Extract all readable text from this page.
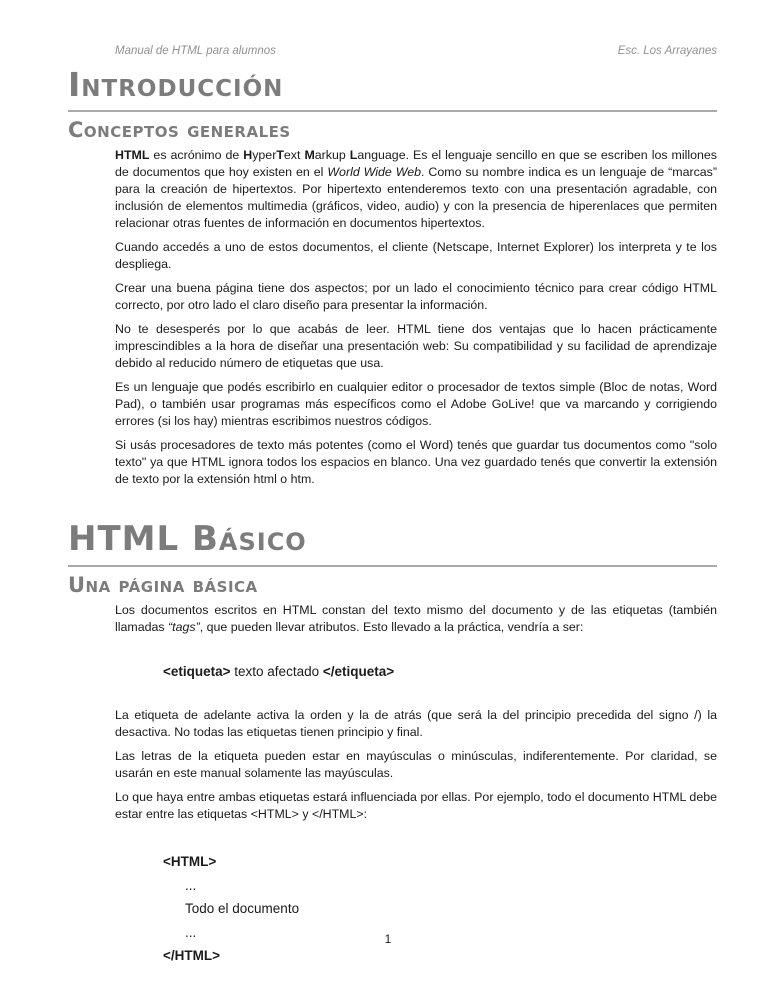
Manual de HTML para alumnos	Esc. Los Arrayanes
Introducción
Conceptos generales

HTML es acrónimo de HyperText Markup Language. Es el lenguaje sencillo en que se escriben los millones de documentos que hoy existen en el World Wide Web. Como su nombre indica es un lenguaje de “marcas” para la creación de hipertextos. Por hipertexto entenderemos texto con una presentación agradable, con inclusión de elementos multimedia (gráficos, video, audio) y con la presencia de hiperenlaces que permiten relacionar otras fuentes de información en documentos hipertextos.

Cuando accedés a uno de estos documentos, el cliente (Netscape, Internet Explorer) los interpreta y te los despliega.

Crear una buena página tiene dos aspectos; por un lado el conocimiento técnico para crear código HTML correcto, por otro lado el claro diseño para presentar la información.

No te desesperés por lo que acabás de leer. HTML tiene dos ventajas que lo hacen prácticamente imprescindibles a la hora de diseñar una presentación web: Su compatibilidad y su facilidad de aprendizaje debido al reducido número de etiquetas que usa.

Es un lenguaje que podés escribirlo en cualquier editor o procesador de textos simple (Bloc de notas, Word Pad), o también usar programas más específicos como el Adobe GoLive! que va marcando y corrigiendo errores (si los hay) mientras escribimos nuestros códigos.

Si usás procesadores de texto más potentes (como el Word) tenés que guardar tus documentos como "solo texto" ya que HTML ignora todos los espacios en blanco. Una vez guardado tenés que convertir la extensión de texto por la extensión html o htm.

HTML Básico
Una página básica

Los documentos escritos en HTML constan del texto mismo del documento y de las etiquetas (también llamadas “tags”, que pueden llevar atributos. Esto llevado a la práctica, vendría a ser:

<etiqueta> texto afectado </etiqueta>

La etiqueta de adelante activa la orden y la de atrás (que será la del principio precedida del signo /) la desactiva. No todas las etiquetas tienen principio y final.

Las letras de la etiqueta pueden estar en mayúsculas o minúsculas, indiferentemente. Por claridad, se usarán en este manual solamente las mayúsculas.

Lo que haya entre ambas etiquetas estará influenciada por ellas. Por ejemplo, todo el documento HTML debe estar entre las etiquetas <HTML> y </HTML>:

<HTML>
...
Todo el documento
...
</HTML>
1
